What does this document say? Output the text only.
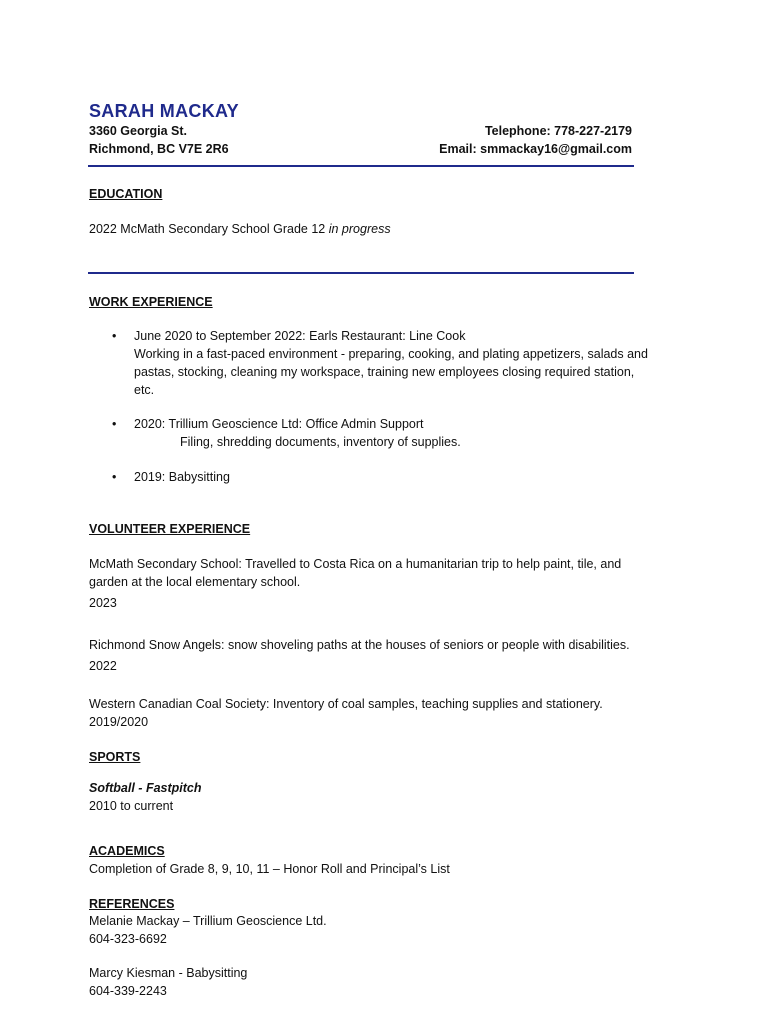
SARAH MACKAY
3360 Georgia St.
Richmond, BC V7E 2R6
Telephone: 778-227-2179
Email: smmackay16@gmail.com
EDUCATION
2022 McMath Secondary School Grade 12 in progress
WORK EXPERIENCE
• June 2020 to September 2022: Earls Restaurant: Line Cook
Working in a fast-paced environment - preparing, cooking, and plating appetizers, salads and
pastas, stocking, cleaning my workspace, training new employees closing required station,
etc.
• 2020: Trillium Geoscience Ltd: Office Admin Support
Filing, shredding documents, inventory of supplies.
• 2019: Babysitting
VOLUNTEER EXPERIENCE
McMath Secondary School: Travelled to Costa Rica on a humanitarian trip to help paint, tile, and
garden at the local elementary school.
2023
Richmond Snow Angels: snow shoveling paths at the houses of seniors or people with disabilities.
2022
Western Canadian Coal Society: Inventory of coal samples, teaching supplies and stationery.
2019/2020
SPORTS
Softball - Fastpitch
2010 to current
ACADEMICS
Completion of Grade 8, 9, 10, 11 – Honor Roll and Principal’s List
REFERENCES
Melanie Mackay – Trillium Geoscience Ltd.
604-323-6692
Marcy Kiesman - Babysitting
604-339-2243
